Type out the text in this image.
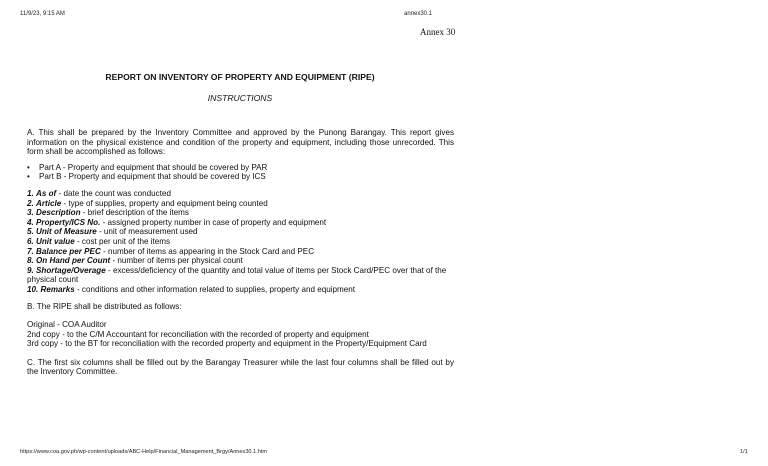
11/9/23, 9:15 AM	annex30.1
Annex 30
REPORT ON INVENTORY OF PROPERTY AND EQUIPMENT (RIPE)
INSTRUCTIONS

A. This shall be prepared by the Inventory Committee and approved by the Punong Barangay. This report gives information on the physical existence and condition of the property and equipment, including those unrecorded. This form shall be accomplished as follows:

• Part A - Property and equipment that should be covered by PAR
• Part B - Property and equipment that should be covered by ICS
1. As of - date the count was conducted
2. Article - type of supplies, property and equipment being counted
3. Description - brief description of the items
4. Property/ICS No. - assigned property number in case of property and equipment
5. Unit of Measure - unit of measurement used
6. Unit value - cost per unit of the items
7. Balance per PEC - number of items as appearing in the Stock Card and PEC
8. On Hand per Count - number of items per physical count
9. Shortage/Overage - excess/deficiency of the quantity and total value of items per Stock Card/PEC over that of the physical count
10. Remarks - conditions and other information related to supplies, property and equipment

B. The RIPE shall be distributed as follows:

Original - COA Auditor

2nd copy - to the C/M Accountant for reconciliation with the recorded of property and equipment

3rd copy - to the BT for reconciliation with the recorded property and equipment in the Property/Equipment Card

C. The first six columns shall be filled out by the Barangay Treasurer while the last four columns shall be filled out by the Inventory Committee.

https://www.coa.gov.ph/wp-content/uploads/ABC-Help/Financial_Management_Brgy/Annex30.1.htm	1/1
